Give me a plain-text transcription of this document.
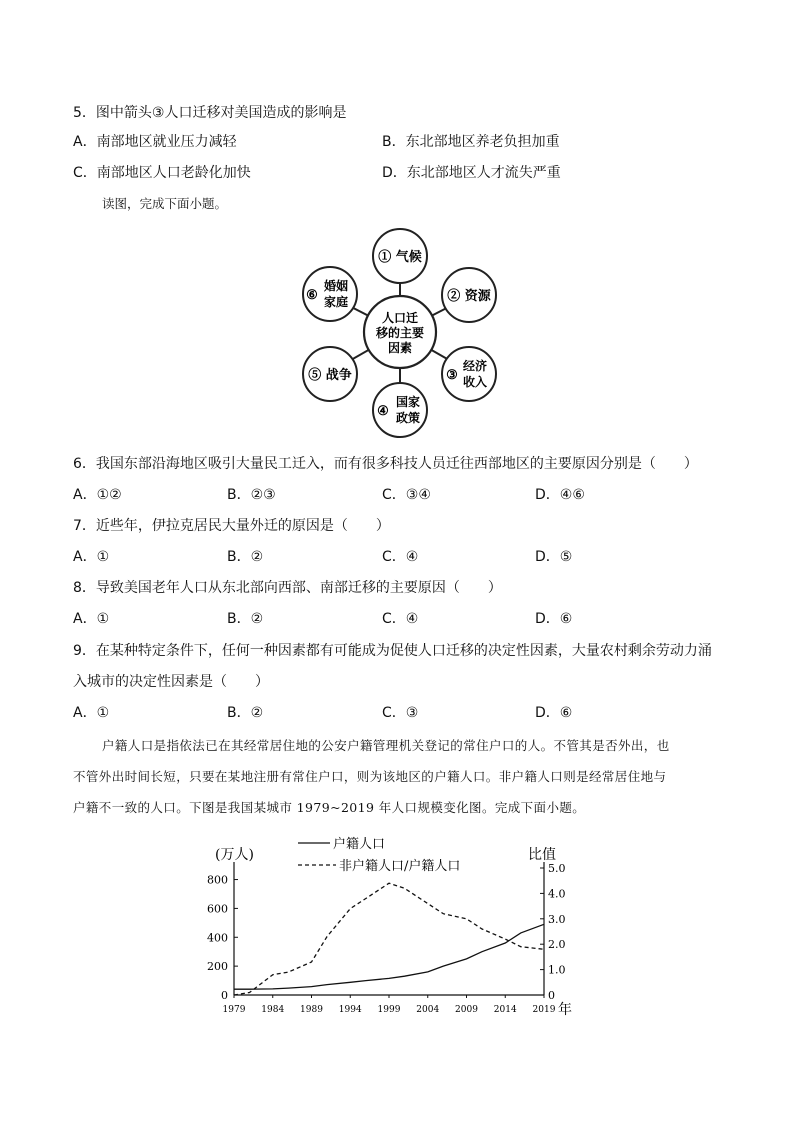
5．图中箭头③人口迁移对美国造成的影响是
A．南部地区就业压力减轻	B．东北部地区养老负担加重
C．南部地区人口老龄化加快	D．东北部地区人才流失严重
读图，完成下面小题。
① 气候
② 资源
③
经济
收入
④
国家
政策
⑤ 战争
⑥
婚姻
家庭
人口迁
移的主要
因素
6．我国东部沿海地区吸引大量民工迁入，而有很多科技人员迁往西部地区的主要原因分别是（　　）
A．①②	B．②③	C．③④	D．④⑥
7．近些年，伊拉克居民大量外迁的原因是（　　）
A．①	B．②	C．④	D．⑤
8．导致美国老年人口从东北部向西部、南部迁移的主要原因（　　）
A．①	B．②	C．④	D．⑥
9．在某种特定条件下，任何一种因素都有可能成为促使人口迁移的决定性因素，大量农村剩余劳动力涌
入城市的决定性因素是（　　）
A．①	B．②	C．③	D．⑥
户籍人口是指依法已在其经常居住地的公安户籍管理机关登记的常住户口的人。不管其是否外出，也
不管外出时间长短，只要在某地注册有常住户口，则为该地区的户籍人口。非户籍人口则是经常居住地与
户籍不一致的人口。下图是我国某城市 1979~2019 年人口规模变化图。完成下面小题。
(万人)	比值
户籍人口
非户籍人口/户籍人口
0
200
400
600
800
0
1.0
2.0
3.0
4.0
5.0
1979 1984 1989 1994 1999 2004 2009 2014 2019 年
